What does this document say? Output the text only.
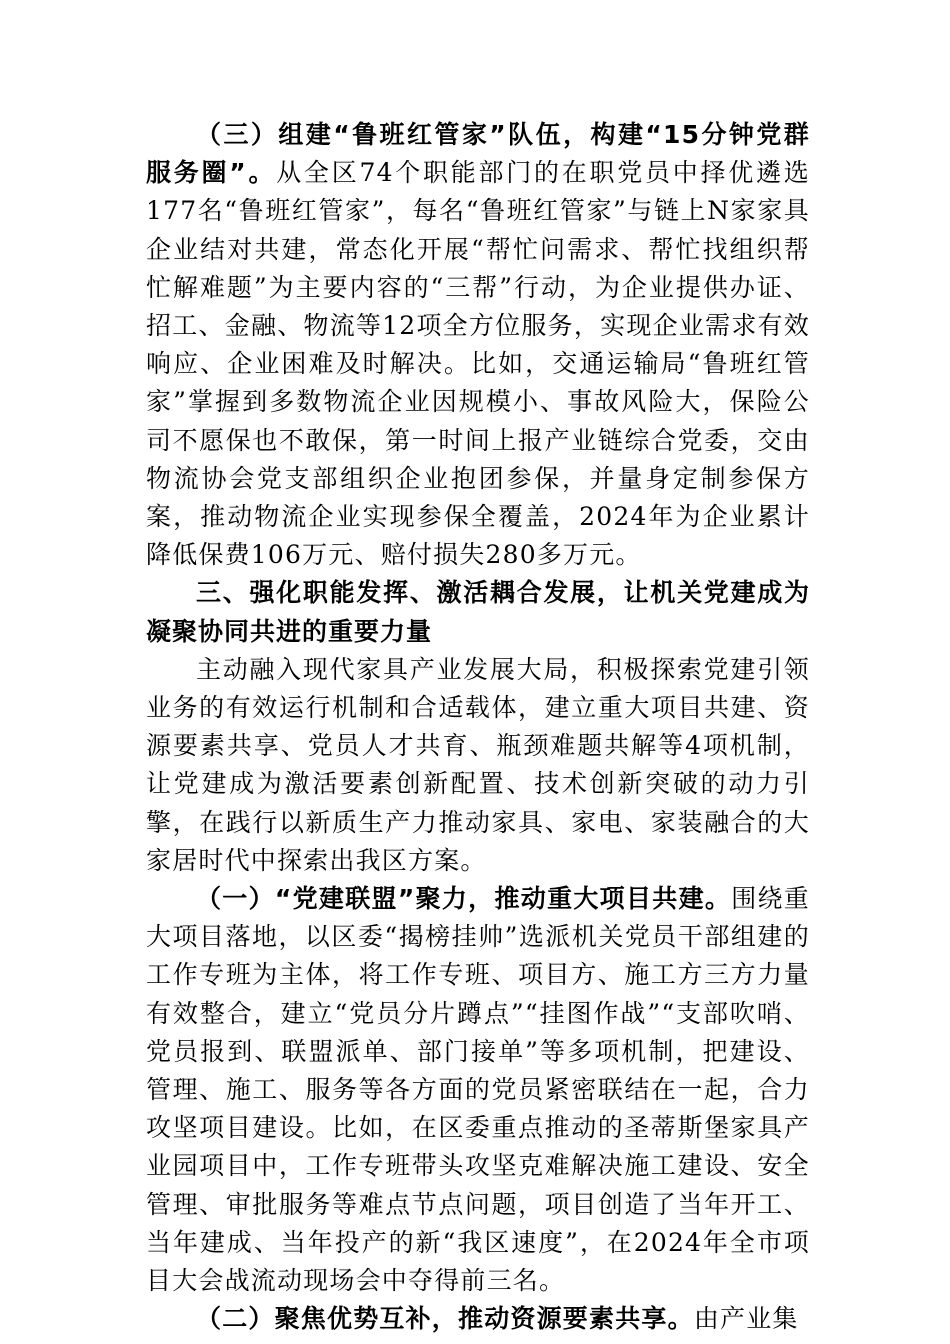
（三）组建“鲁班红管家”队伍，构建“15分钟党群服务圈”。从全区74个职能部门的在职党员中择优遴选177名“鲁班红管家”，每名“鲁班红管家”与链上N家家具企业结对共建，常态化开展“帮忙问需求、帮忙找组织帮忙解难题”为主要内容的“三帮”行动，为企业提供办证、招工、金融、物流等12项全方位服务，实现企业需求有效响应、企业困难及时解决。比如，交通运输局“鲁班红管家”掌握到多数物流企业因规模小、事故风险大，保险公司不愿保也不敢保，第一时间上报产业链综合党委，交由物流协会党支部组织企业抱团参保，并量身定制参保方案，推动物流企业实现参保全覆盖，2024年为企业累计降低保费106万元、赔付损失280多万元。

三、强化职能发挥、激活耦合发展，让机关党建成为凝聚协同共进的重要力量

主动融入现代家具产业发展大局，积极探索党建引领业务的有效运行机制和合适载体，建立重大项目共建、资源要素共享、党员人才共育、瓶颈难题共解等4项机制，让党建成为激活要素创新配置、技术创新突破的动力引擎，在践行以新质生产力推动家具、家电、家装融合的大家居时代中探索出我区方案。

（一）“党建联盟”聚力，推动重大项目共建。围绕重大项目落地，以区委“揭榜挂帅”选派机关党员干部组建的工作专班为主体，将工作专班、项目方、施工方三方力量有效整合，建立“党员分片蹲点”“挂图作战”“支部吹哨、党员报到、联盟派单、部门接单”等多项机制，把建设、管理、施工、服务等各方面的党员紧密联结在一起，合力攻坚项目建设。比如，在区委重点推动的圣蒂斯堡家具产业园项目中，工作专班带头攻坚克难解决施工建设、安全管理、审批服务等难点节点问题，项目创造了当年开工、当年建成、当年投产的新“我区速度”，在2024年全市项目大会战流动现场会中夺得前三名。

（二）聚焦优势互补，推动资源要素共享。由产业集
